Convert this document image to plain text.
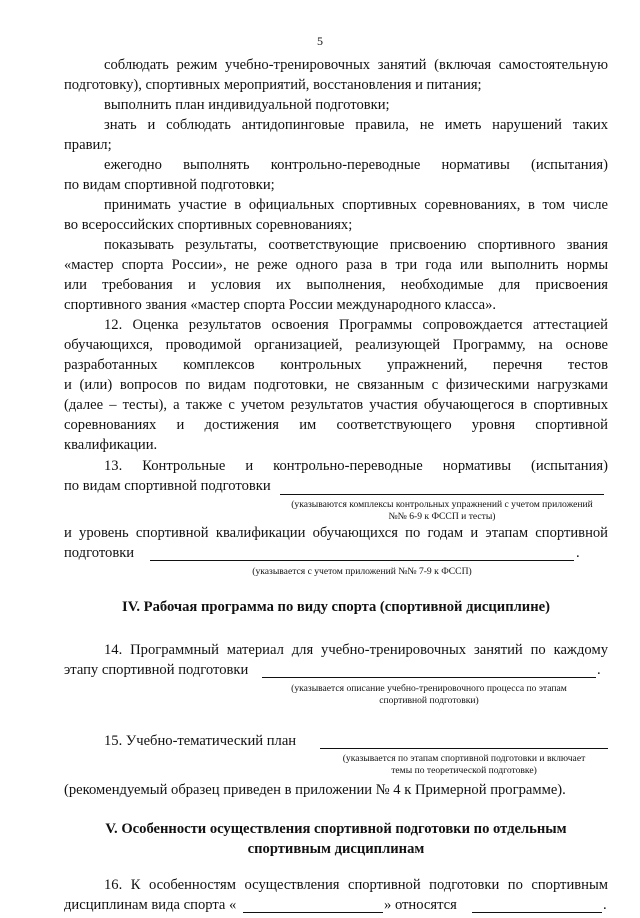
5
соблюдать режим учебно-тренировочных занятий (включая самостоятельную
подготовку), спортивных мероприятий, восстановления и питания;
выполнить план индивидуальной подготовки;
знать и соблюдать антидопинговые правила, не иметь нарушений таких
правил;
ежегодно выполнять контрольно-переводные нормативы (испытания)
по видам спортивной подготовки;
принимать участие в официальных спортивных соревнованиях, в том числе
во всероссийских спортивных соревнованиях;
показывать результаты, соответствующие присвоению спортивного звания
«мастер спорта России», не реже одного раза в три года или выполнить нормы
или требования и условия их выполнения, необходимые для присвоения
спортивного звания «мастер спорта России международного класса».
12. Оценка результатов освоения Программы сопровождается аттестацией
обучающихся, проводимой организацией, реализующей Программу, на основе
разработанных комплексов контрольных упражнений, перечня тестов
и (или) вопросов по видам подготовки, не связанным с физическими нагрузками
(далее – тесты), а также с учетом результатов участия обучающегося в спортивных
соревнованиях и достижения им соответствующего уровня спортивной
квалификации.
13. Контрольные и контрольно-переводные нормативы (испытания)
по видам спортивной подготовки
(указываются комплексы контрольных упражнений с учетом приложений
№№ 6-9 к ФССП и тесты)
и уровень спортивной квалификации обучающихся по годам и этапам спортивной
подготовки	.
(указывается с учетом приложений №№ 7-9 к ФССП)
IV. Рабочая программа по виду спорта (спортивной дисциплине)
14. Программный материал для учебно-тренировочных занятий по каждому
этапу спортивной подготовки	.
(указывается описание учебно-тренировочного процесса по этапам
спортивной подготовки)
15. Учебно-тематический план
(указывается по этапам спортивной подготовки и включает
темы по теоретической подготовке)
(рекомендуемый образец приведен в приложении № 4 к Примерной программе).
V. Особенности осуществления спортивной подготовки по отдельным
спортивным дисциплинам
16. К особенностям осуществления спортивной подготовки по спортивным
дисциплинам вида спорта «	» относятся	.
